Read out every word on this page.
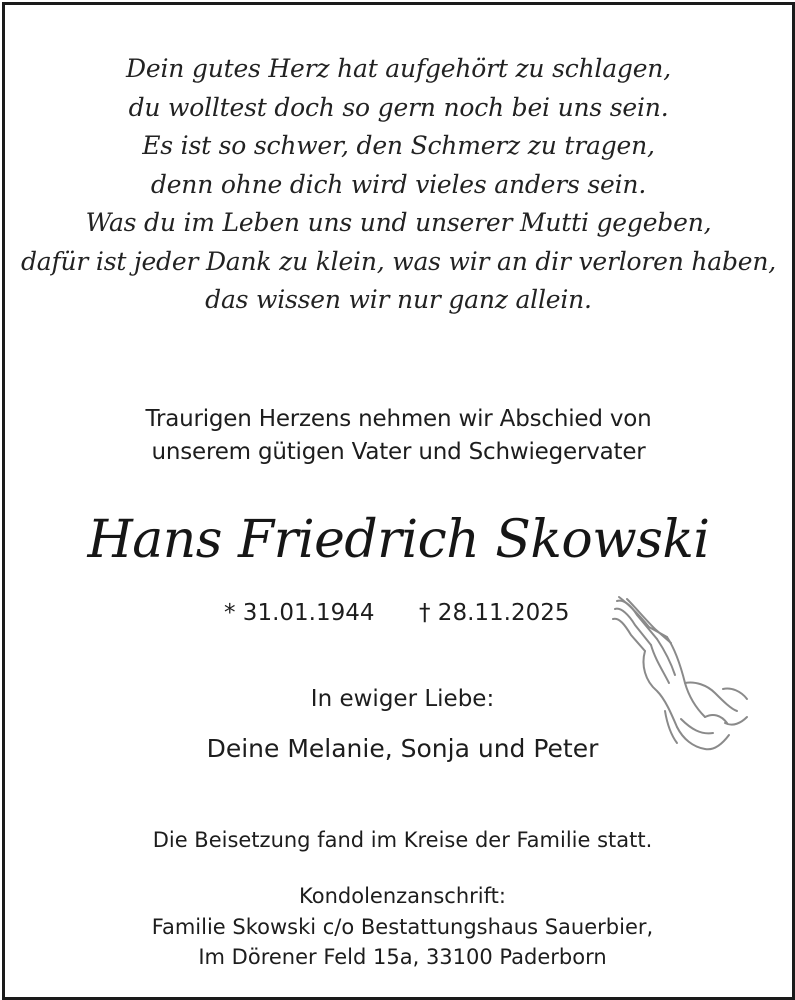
Dein gutes Herz hat aufgehört zu schlagen,
du wolltest doch so gern noch bei uns sein.
Es ist so schwer, den Schmerz zu tragen,
denn ohne dich wird vieles anders sein.
Was du im Leben uns und unserer Mutti gegeben,
dafür ist jeder Dank zu klein, was wir an dir verloren haben,
das wissen wir nur ganz allein.
Traurigen Herzens nehmen wir Abschied von
unserem gütigen Vater und Schwiegervater
Hans Friedrich Skowski
* 31.01.1944 † 28.11.2025
In ewiger Liebe:
Deine Melanie, Sonja und Peter
Die Beisetzung fand im Kreise der Familie statt.
Kondolenzanschrift:
Familie Skowski c/o Bestattungshaus Sauerbier,
Im Dörener Feld 15a, 33100 Paderborn
